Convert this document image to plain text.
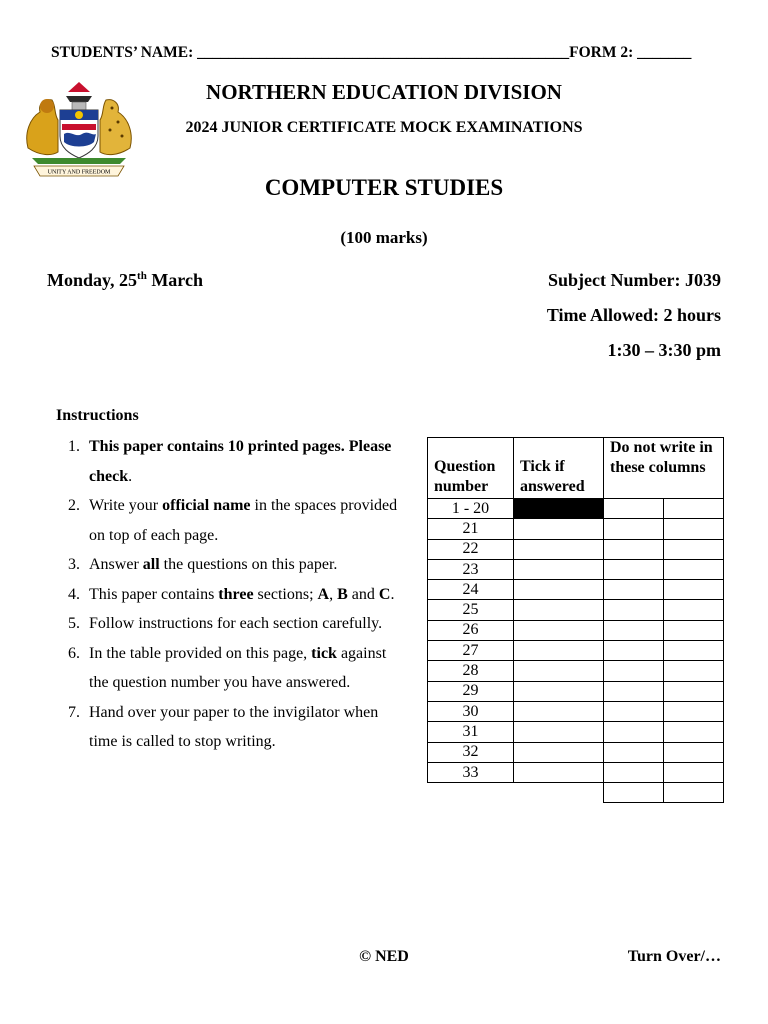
STUDENTS’ NAME: ________________________________________________FORM 2: _______
UNITY AND FREEDOM
NORTHERN EDUCATION DIVISION
2024 JUNIOR CERTIFICATE MOCK EXAMINATIONS
COMPUTER STUDIES
(100 marks)
Monday, 25th March	Subject Number: J039
Time Allowed: 2 hours
1:30 – 3:30 pm
Instructions
1. This paper contains 10 printed pages. Please check.
2. Write your official name in the spaces provided on top of each page.
3. Answer all the questions on this paper.
4. This paper contains three sections; A, B and C.
5. Follow instructions for each section carefully.
6. In the table provided on this page, tick against the question number you have answered.
7. Hand over your paper to the invigilator when time is called to stop writing.
Question number	Tick if answered	Do not write in these columns	
1 - 20			
21			
22			
23			
24			
25			
26			
27			
28			
29			
30			
31			
32			
33			

© NED	Turn Over/…
